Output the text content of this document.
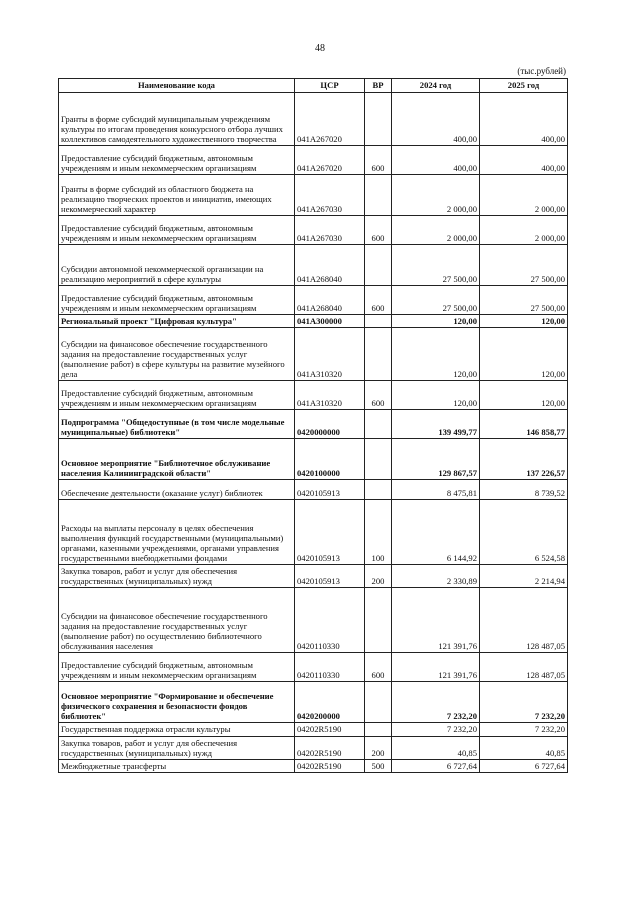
48
(тыс.рублей)
Наименование кода	ЦСР	ВР	2024 год	2025 год
Гранты в форме субсидий муниципальным учреждениям культуры по итогам проведения конкурсного отбора лучших коллективов самодеятельного художественного творчества	041A267020		400,00	400,00
Предоставление субсидий бюджетным, автономным учреждениям и иным некоммерческим организациям	041A267020	600	400,00	400,00
Гранты в форме субсидий из областного бюджета на реализацию творческих проектов и инициатив, имеющих некоммерческий характер	041A267030		2 000,00	2 000,00
Предоставление субсидий бюджетным, автономным учреждениям и иным некоммерческим организациям	041A267030	600	2 000,00	2 000,00
Субсидии автономной некоммерческой организации на реализацию мероприятий в сфере культуры	041A268040		27 500,00	27 500,00
Предоставление субсидий бюджетным, автономным учреждениям и иным некоммерческим организациям	041A268040	600	27 500,00	27 500,00
Региональный проект "Цифровая культура"	041A300000		120,00	120,00
Субсидии на финансовое обеспечение государственного задания на предоставление государственных услуг (выполнение работ) в сфере культуры на развитие музейного дела	041A310320		120,00	120,00
Предоставление субсидий бюджетным, автономным учреждениям и иным некоммерческим организациям	041A310320	600	120,00	120,00
Подпрограмма "Общедоступные (в том числе модельные муниципальные) библиотеки"	0420000000		139 499,77	146 858,77
Основное мероприятие "Библиотечное обслуживание населения Калининградской области"	0420100000		129 867,57	137 226,57
Обеспечение деятельности (оказание услуг) библиотек	0420105913		8 475,81	8 739,52
Расходы на выплаты персоналу в целях обеспечения выполнения функций государственными (муниципальными) органами, казенными учреждениями, органами управления государственными внебюджетными фондами	0420105913	100	6 144,92	6 524,58
Закупка товаров, работ и услуг для обеспечения государственных (муниципальных) нужд	0420105913	200	2 330,89	2 214,94
Субсидии на финансовое обеспечение государственного задания на предоставление государственных услуг (выполнение работ) по осуществлению библиотечного обслуживания населения	0420110330		121 391,76	128 487,05
Предоставление субсидий бюджетным, автономным учреждениям и иным некоммерческим организациям	0420110330	600	121 391,76	128 487,05
Основное мероприятие "Формирование и обеспечение физического сохранения и безопасности фондов библиотек"	0420200000		7 232,20	7 232,20
Государственная поддержка отрасли культуры	04202R5190		7 232,20	7 232,20
Закупка товаров, работ и услуг для обеспечения государственных (муниципальных) нужд	04202R5190	200	40,85	40,85
Межбюджетные трансферты	04202R5190	500	6 727,64	6 727,64
